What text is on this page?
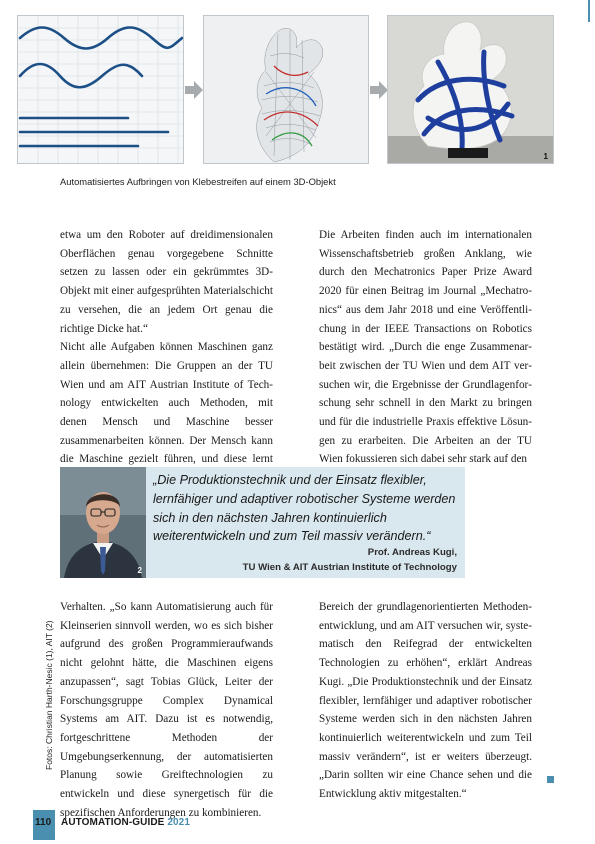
1
Automatisiertes Aufbringen von Klebestreifen auf einem 3D-Objekt

etwa um den Roboter auf dreidimensionalen Oberflächen genau vorgegebene Schnitte setzen zu lassen oder ein gekrümmtes 3D-Objekt mit einer aufgesprühten Materialschicht zu versehen, die an jedem Ort genau die richtige Dicke hat.“

Nicht alle Aufgaben können Maschinen ganz allein übernehmen: Die Gruppen an der TU Wien und am AIT Austrian Institute of Technology entwickelten auch Methoden, mit denen Mensch und Maschine besser zusammenarbeiten können. Der Mensch kann die Maschine gezielt führen, und diese lernt

Die Arbeiten finden auch im internationalen Wissenschaftsbetrieb großen Anklang, wie durch den Mechatronics Paper Prize Award 2020 für einen Beitrag im Journal „Mechatronics“ aus dem Jahr 2018 und eine Veröffentlichung in der IEEE Transactions on Robotics bestätigt wird. „Durch die enge Zusammenarbeit zwischen der TU Wien und dem AIT versuchen wir, die Ergebnisse der Grundlagenforschung sehr schnell in den Markt zu bringen und für die industrielle Praxis effektive Lösungen zu erarbeiten. Die Arbeiten an der TU Wien fokussieren sich dabei sehr stark auf den

2

„Die Produktionstechnik und der Einsatz flexibler, lernfähiger und adaptiver robotischer Systeme werden sich in den nächsten Jahren kontinuierlich weiterentwickeln und zum Teil massiv verändern.“

Prof. Andreas Kugi,
TU Wien & AIT Austrian Institute of Technology

Verhalten. „So kann Automatisierung auch für Kleinserien sinnvoll werden, wo es sich bisher aufgrund des großen Programmieraufwands nicht gelohnt hätte, die Maschinen eigens anzupassen“, sagt Tobias Glück, Leiter der Forschungsgruppe Complex Dynamical Systems am AIT. Dazu ist es notwendig, fortgeschrittene Methoden der Umgebungserkennung, der automatisierten Planung sowie Greiftechnologien zu entwickeln und diese synergetisch für die spezifischen Anforderungen zu kombinieren.

Bereich der grundlagenorientierten Methodenentwicklung, und am AIT versuchen wir, systematisch den Reifegrad der entwickelten Technologien zu erhöhen“, erklärt Andreas Kugi. „Die Produktionstechnik und der Einsatz flexibler, lernfähiger und adaptiver robotischer Systeme werden sich in den nächsten Jahren kontinuierlich weiterentwickeln und zum Teil massiv verändern“, ist er weiters überzeugt. „Darin sollten wir eine Chance sehen und die Entwicklung aktiv mitgestalten.“

Fotos: Christian Harth-Nesic (1), AIT (2)
110 AUTOMATION-GUIDE 2021
